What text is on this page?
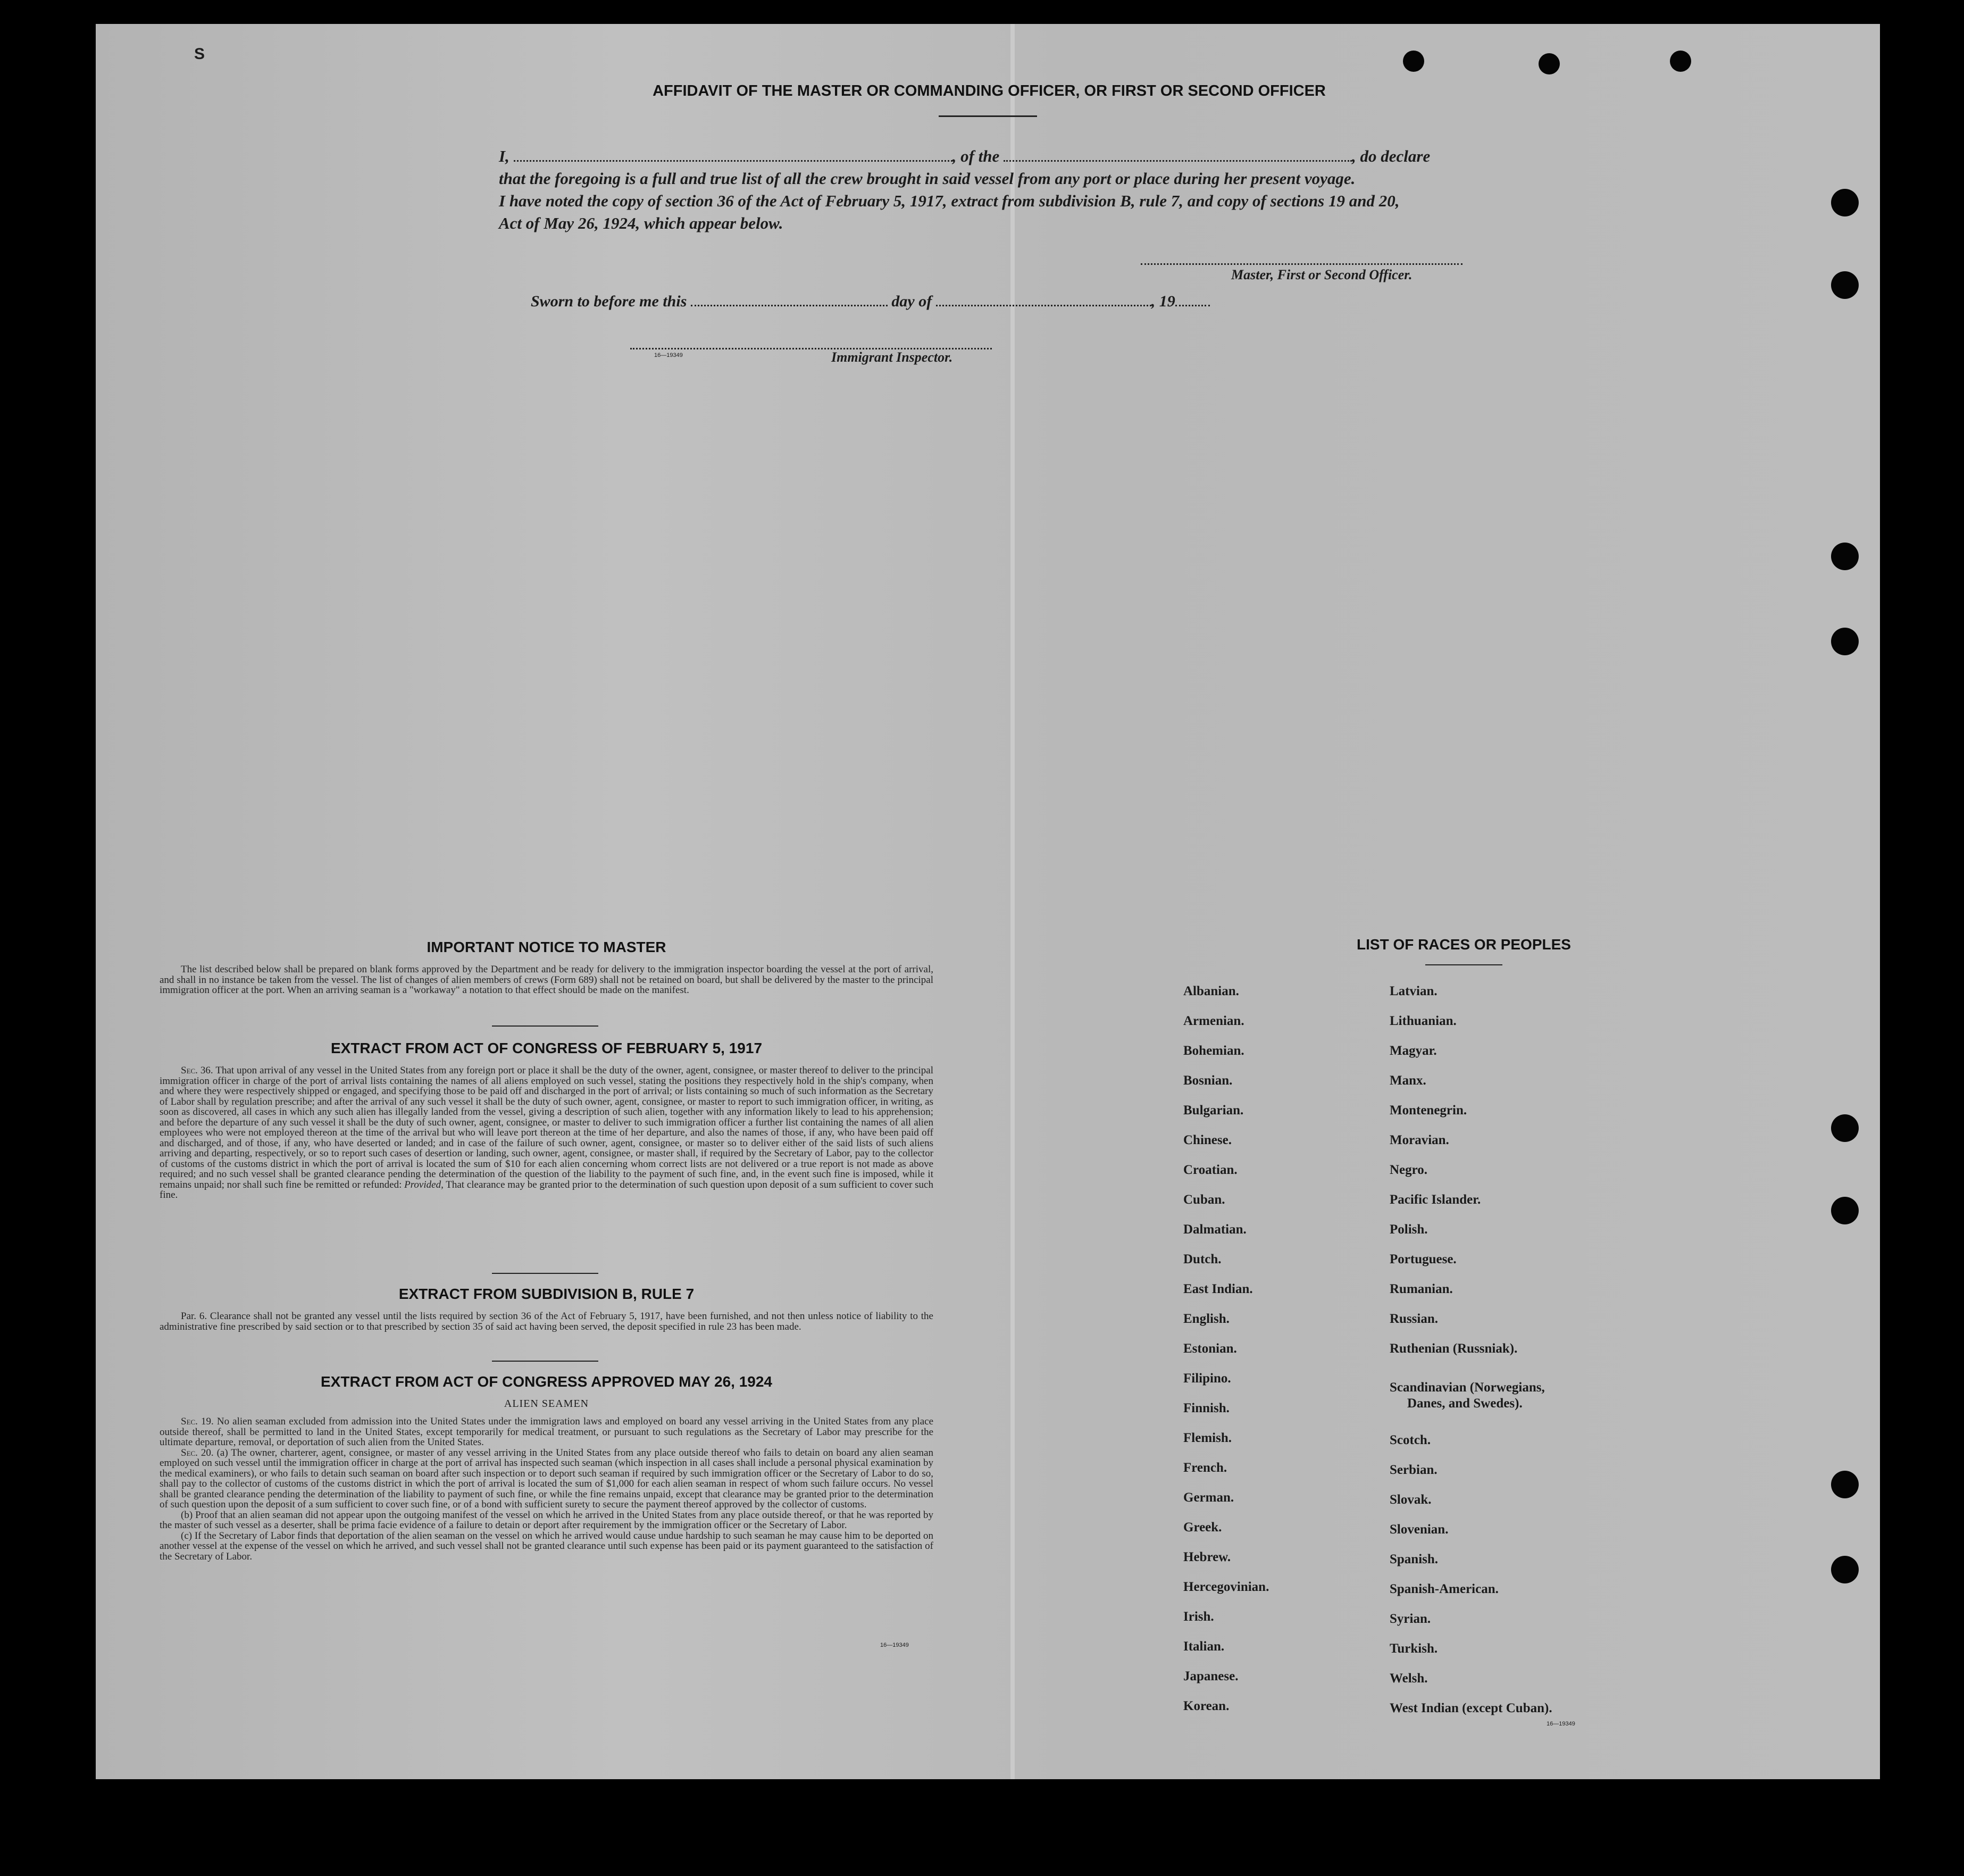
S
AFFIDAVIT OF THE MASTER OR COMMANDING OFFICER, OR FIRST OR SECOND OFFICER
I,	, of the	, do declare
that the foregoing is a full and true list of all the crew brought in said vessel from any port or place during her present voyage.
I have noted the copy of section 36 of the Act of February 5, 1917, extract from subdivision B, rule 7, and copy of sections 19 and 20,
Act of May 26, 1924, which appear below.
Master, First or Second Officer.
Sworn to before me this	day of	, 19
16—19349	Immigrant Inspector.
IMPORTANT NOTICE TO MASTER

The list described below shall be prepared on blank forms approved by the Department and be ready for delivery to the immigration inspector boarding the vessel at the port of arrival, and shall in no instance be taken from the vessel. The list of changes of alien members of crews (Form 689) shall not be retained on board, but shall be delivered by the master to the principal immigration officer at the port. When an arriving seaman is a "workaway" a notation to that effect should be made on the manifest.

EXTRACT FROM ACT OF CONGRESS OF FEBRUARY 5, 1917

Sec. 36. That upon arrival of any vessel in the United States from any foreign port or place it shall be the duty of the owner, agent, consignee, or master thereof to deliver to the principal immigration officer in charge of the port of arrival lists containing the names of all aliens employed on such vessel, stating the positions they respectively hold in the ship's company, when and where they were respectively shipped or engaged, and specifying those to be paid off and discharged in the port of arrival; or lists containing so much of such information as the Secretary of Labor shall by regulation prescribe; and after the arrival of any such vessel it shall be the duty of such owner, agent, consignee, or master to report to such immigration officer, in writing, as soon as discovered, all cases in which any such alien has illegally landed from the vessel, giving a description of such alien, together with any information likely to lead to his apprehension; and before the departure of any such vessel it shall be the duty of such owner, agent, consignee, or master to deliver to such immigration officer a further list containing the names of all alien employees who were not employed thereon at the time of the arrival but who will leave port thereon at the time of her departure, and also the names of those, if any, who have been paid off and discharged, and of those, if any, who have deserted or landed; and in case of the failure of such owner, agent, consignee, or master so to deliver either of the said lists of such aliens arriving and departing, respectively, or so to report such cases of desertion or landing, such owner, agent, consignee, or master shall, if required by the Secretary of Labor, pay to the collector of customs of the customs district in which the port of arrival is located the sum of $10 for each alien concerning whom correct lists are not delivered or a true report is not made as above required; and no such vessel shall be granted clearance pending the determination of the question of the liability to the payment of such fine, and, in the event such fine is imposed, while it remains unpaid; nor shall such fine be remitted or refunded: Provided, That clearance may be granted prior to the determination of such question upon deposit of a sum sufficient to cover such fine.

EXTRACT FROM SUBDIVISION B, RULE 7

Par. 6. Clearance shall not be granted any vessel until the lists required by section 36 of the Act of February 5, 1917, have been furnished, and not then unless notice of liability to the administrative fine prescribed by said section or to that prescribed by section 35 of said act having been served, the deposit specified in rule 23 has been made.

EXTRACT FROM ACT OF CONGRESS APPROVED MAY 26, 1924
ALIEN SEAMEN

Sec. 19. No alien seaman excluded from admission into the United States under the immigration laws and employed on board any vessel arriving in the United States from any place outside thereof, shall be permitted to land in the United States, except temporarily for medical treatment, or pursuant to such regulations as the Secretary of Labor may prescribe for the ultimate departure, removal, or deportation of such alien from the United States.

Sec. 20. (a) The owner, charterer, agent, consignee, or master of any vessel arriving in the United States from any place outside thereof who fails to detain on board any alien seaman employed on such vessel until the immigration officer in charge at the port of arrival has inspected such seaman (which inspection in all cases shall include a personal physical examination by the medical examiners), or who fails to detain such seaman on board after such inspection or to deport such seaman if required by such immigration officer or the Secretary of Labor to do so, shall pay to the collector of customs of the customs district in which the port of arrival is located the sum of $1,000 for each alien seaman in respect of whom such failure occurs. No vessel shall be granted clearance pending the determination of the liability to payment of such fine, or while the fine remains unpaid, except that clearance may be granted prior to the determination of such question upon the deposit of a sum sufficient to cover such fine, or of a bond with sufficient surety to secure the payment thereof approved by the collector of customs.

(b) Proof that an alien seaman did not appear upon the outgoing manifest of the vessel on which he arrived in the United States from any place outside thereof, or that he was reported by the master of such vessel as a deserter, shall be prima facie evidence of a failure to detain or deport after requirement by the immigration officer or the Secretary of Labor.

(c) If the Secretary of Labor finds that deportation of the alien seaman on the vessel on which he arrived would cause undue hardship to such seaman he may cause him to be deported on another vessel at the expense of the vessel on which he arrived, and such vessel shall not be granted clearance until such expense has been paid or its payment guaranteed to the satisfaction of the Secretary of Labor.

16—19349
LIST OF RACES OR PEOPLES
Albanian.
Armenian.
Bohemian.
Bosnian.
Bulgarian.
Chinese.
Croatian.
Cuban.
Dalmatian.
Dutch.
East Indian.
English.
Estonian.
Filipino.
Finnish.
Flemish.
French.
German.
Greek.
Hebrew.
Hercegovinian.
Irish.
Italian.
Japanese.
Korean.
Latvian.
Lithuanian.
Magyar.
Manx.
Montenegrin.
Moravian.
Negro.
Pacific Islander.
Polish.
Portuguese.
Rumanian.
Russian.
Ruthenian (Russniak).
Scandinavian (Norwegians,
Danes, and Swedes).
Scotch.
Serbian.
Slovak.
Slovenian.
Spanish.
Spanish-American.
Syrian.
Turkish.
Welsh.
West Indian (except Cuban).
16—19349
